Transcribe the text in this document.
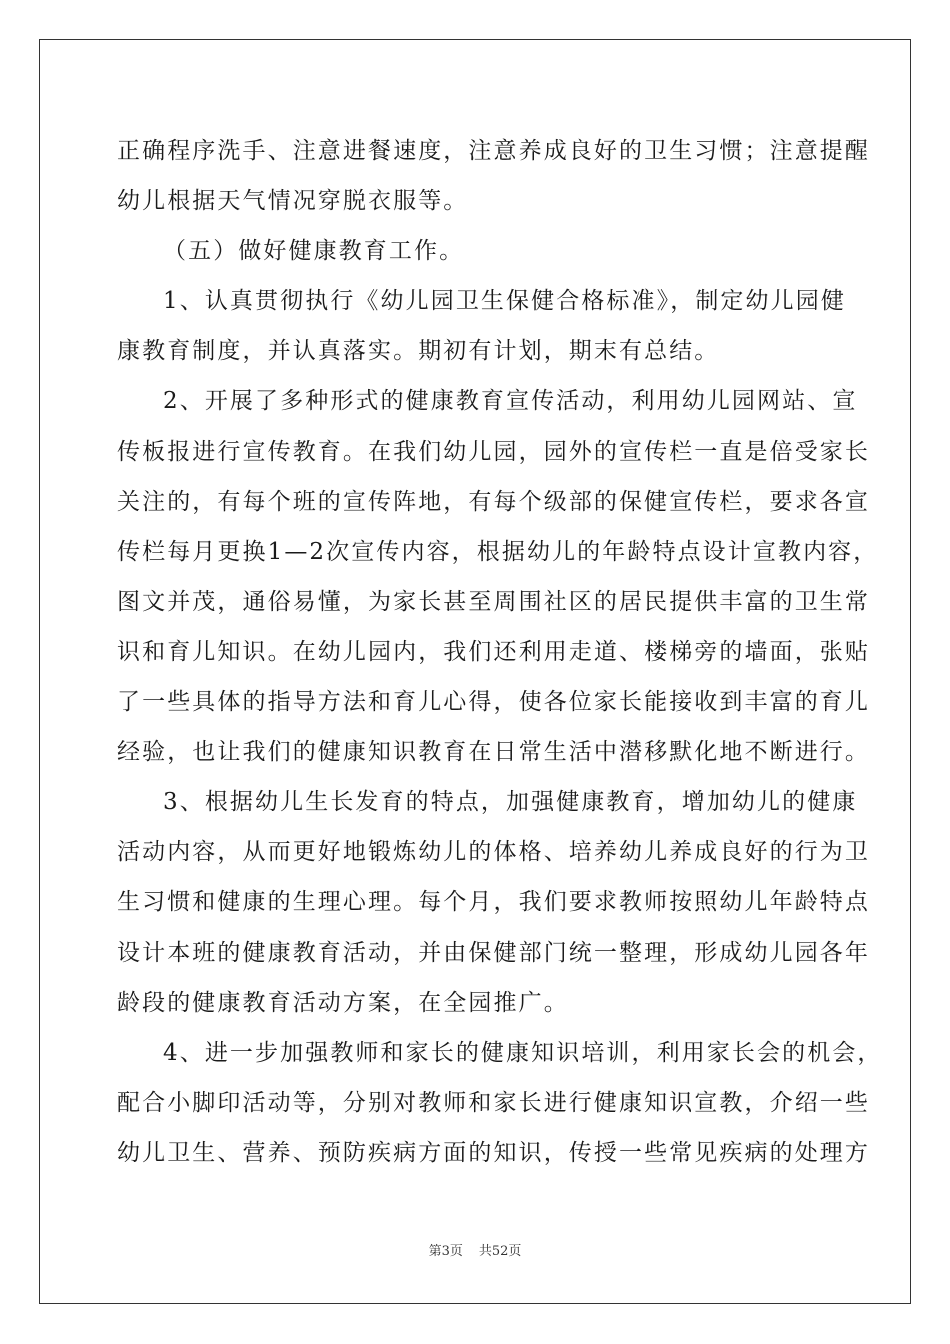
正确程序洗手、注意进餐速度，注意养成良好的卫生习惯；注意提醒
幼儿根据天气情况穿脱衣服等。
（五）做好健康教育工作。
1、认真贯彻执行《幼儿园卫生保健合格标准》，制定幼儿园健
康教育制度，并认真落实。期初有计划，期末有总结。
2、开展了多种形式的健康教育宣传活动，利用幼儿园网站、宣
传板报进行宣传教育。在我们幼儿园，园外的宣传栏一直是倍受家长
关注的，有每个班的宣传阵地，有每个级部的保健宣传栏，要求各宣
传栏每月更换1—2次宣传内容，根据幼儿的年龄特点设计宣教内容，
图文并茂，通俗易懂，为家长甚至周围社区的居民提供丰富的卫生常
识和育儿知识。在幼儿园内，我们还利用走道、楼梯旁的墙面，张贴
了一些具体的指导方法和育儿心得，使各位家长能接收到丰富的育儿
经验，也让我们的健康知识教育在日常生活中潜移默化地不断进行。
3、根据幼儿生长发育的特点，加强健康教育，增加幼儿的健康
活动内容，从而更好地锻炼幼儿的体格、培养幼儿养成良好的行为卫
生习惯和健康的生理心理。每个月，我们要求教师按照幼儿年龄特点
设计本班的健康教育活动，并由保健部门统一整理，形成幼儿园各年
龄段的健康教育活动方案，在全园推广。
4、进一步加强教师和家长的健康知识培训，利用家长会的机会，
配合小脚印活动等，分别对教师和家长进行健康知识宣教，介绍一些
幼儿卫生、营养、预防疾病方面的知识，传授一些常见疾病的处理方
第3页 共52页
